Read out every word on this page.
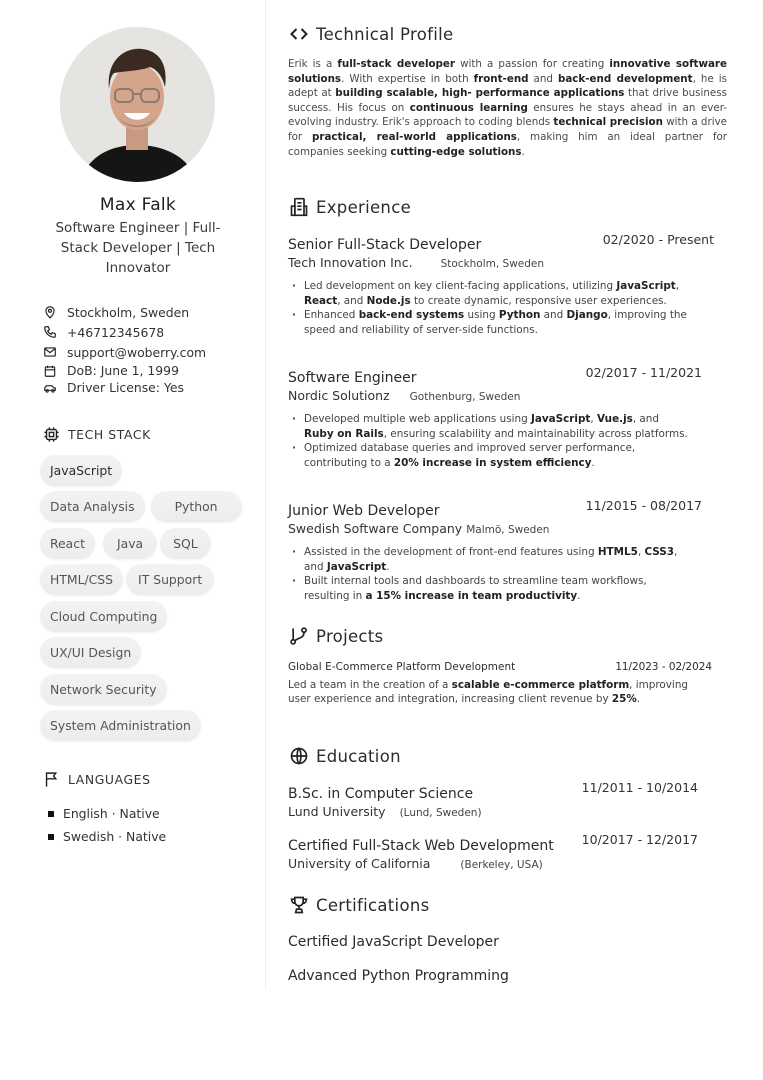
Max Falk
Software Engineer | Full-Stack Developer | Tech Innovator
Stockholm, Sweden
+46712345678
support@woberry.com
DoB: June 1, 1999
Driver License: Yes
TECH STACK
JavaScript
Data Analysis	Python
React	Java	SQL
HTML/CSS	IT Support
Cloud Computing
UX/UI Design
Network Security
System Administration
LANGUAGES
English · Native
Swedish · Native
Technical Profile

Erik is a full-stack developer with a passion for creating innovative software solutions. With expertise in both front-end and back-end development, he is adept at building scalable, high- performance applications that drive business success. His focus on continuous learning ensures he stays ahead in an ever-evolving industry. Erik's approach to coding blends technical precision with a drive for practical, real-world applications, making him an ideal partner for companies seeking cutting-edge solutions.

Experience
Senior Full-Stack Developer	02/2020 - Present
Tech Innovation Inc.	Stockholm, Sweden
· Led development on key client-facing applications, utilizing JavaScript, React, and Node.js to create dynamic, responsive user experiences.
· Enhanced back-end systems using Python and Django, improving the speed and reliability of server-side functions.
Software Engineer	02/2017 - 11/2021
Nordic Solutionz Gothenburg, Sweden
· Developed multiple web applications using JavaScript, Vue.js, and Ruby on Rails, ensuring scalability and maintainability across platforms.
· Optimized database queries and improved server performance, contributing to a 20% increase in system efficiency.
Junior Web Developer	11/2015 - 08/2017
Swedish Software Company Malmö, Sweden
· Assisted in the development of front-end features using HTML5, CSS3, and JavaScript.
· Built internal tools and dashboards to streamline team workflows, resulting in a 15% increase in team productivity.
Projects
Global E-Commerce Platform Development	11/2023 - 02/2024
Led a team in the creation of a scalable e-commerce platform, improving user experience and integration, increasing client revenue by 25%.
Education
B.Sc. in Computer Science	11/2011 - 10/2014
Lund University (Lund, Sweden)
Certified Full-Stack Web Development	10/2017 - 12/2017
University of California	(Berkeley, USA)
Certifications
Certified JavaScript Developer
Advanced Python Programming
